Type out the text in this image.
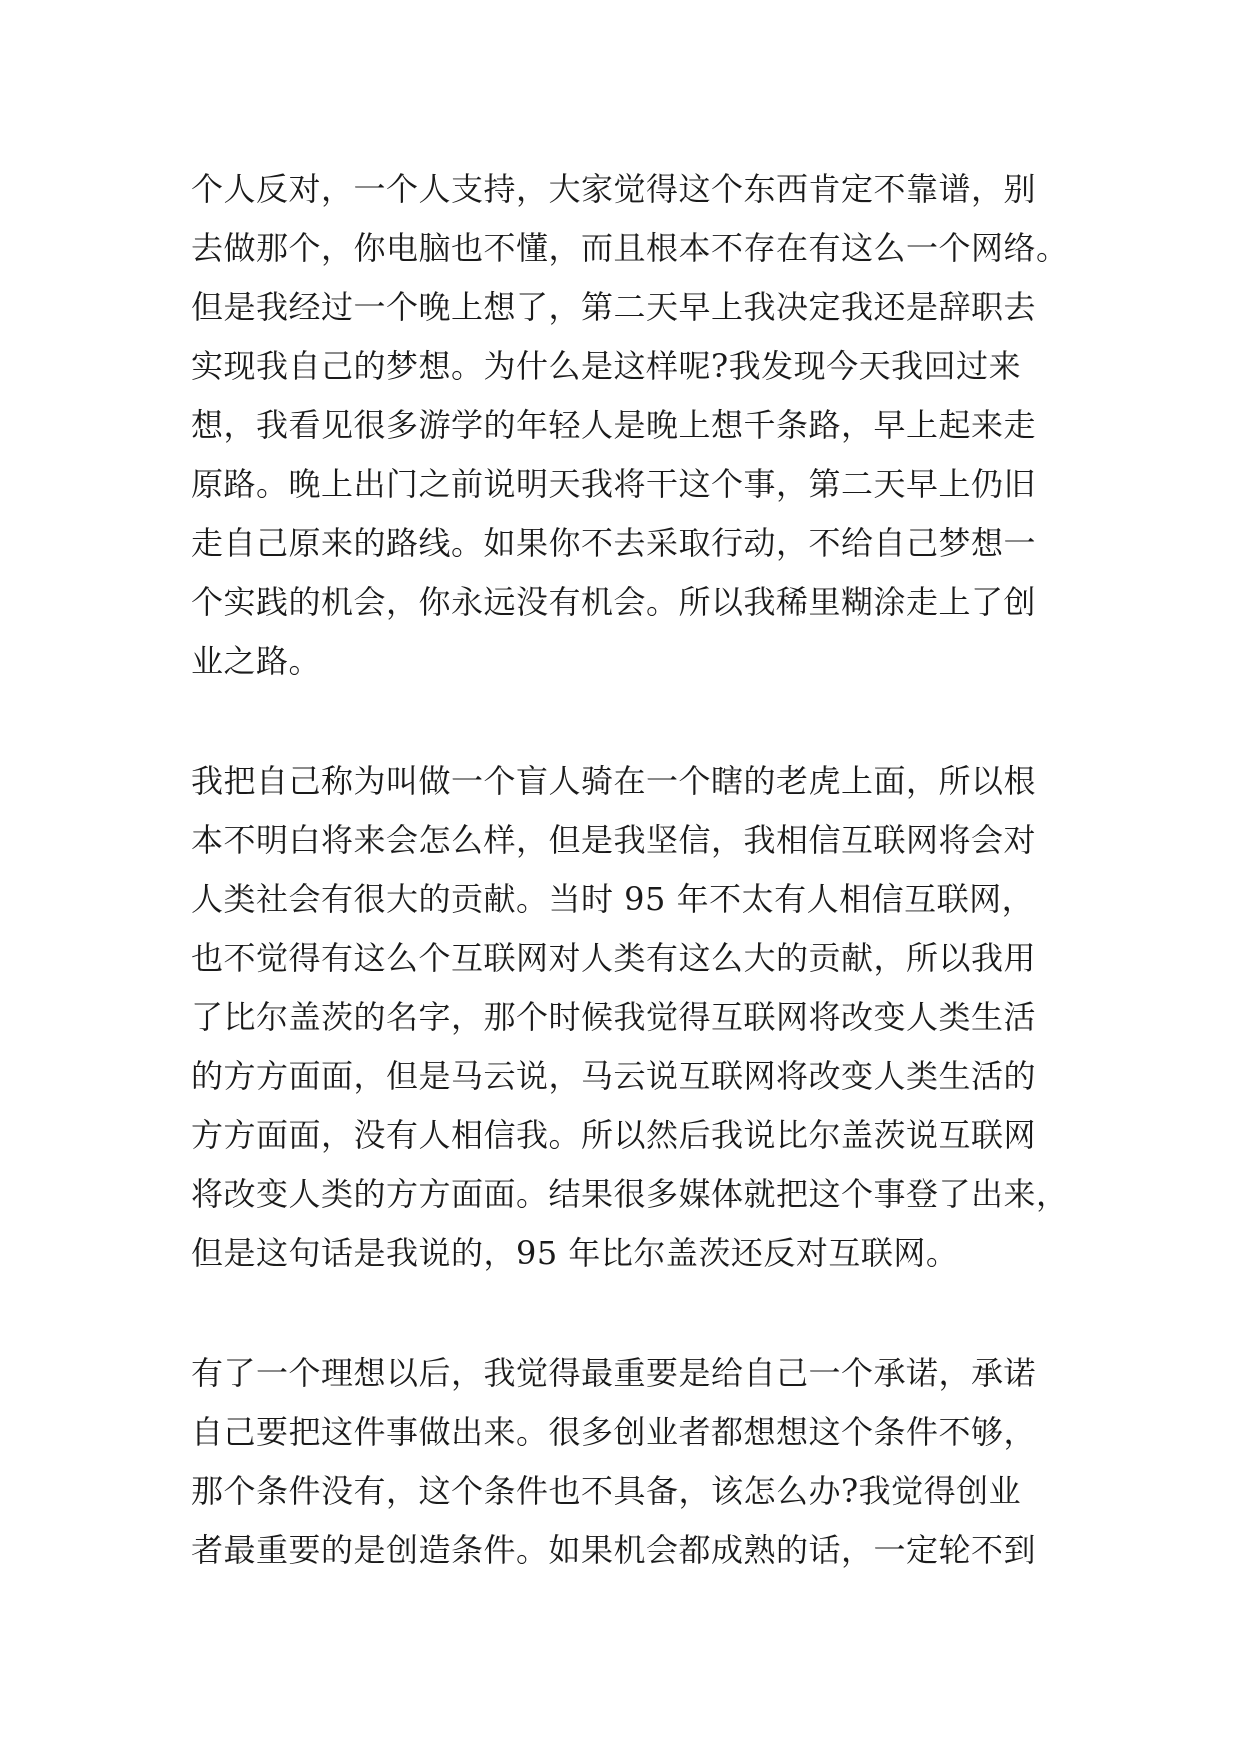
个人反对，一个人支持，大家觉得这个东西肯定不靠谱，别
去做那个，你电脑也不懂，而且根本不存在有这么一个网络。
但是我经过一个晚上想了，第二天早上我决定我还是辞职去
实现我自己的梦想。为什么是这样呢?我发现今天我回过来
想，我看见很多游学的年轻人是晚上想千条路，早上起来走
原路。晚上出门之前说明天我将干这个事，第二天早上仍旧
走自己原来的路线。如果你不去采取行动，不给自己梦想一
个实践的机会，你永远没有机会。所以我稀里糊涂走上了创
业之路。
我把自己称为叫做一个盲人骑在一个瞎的老虎上面，所以根
本不明白将来会怎么样，但是我坚信，我相信互联网将会对
人类社会有很大的贡献。当时 95 年不太有人相信互联网，
也不觉得有这么个互联网对人类有这么大的贡献，所以我用
了比尔盖茨的名字，那个时候我觉得互联网将改变人类生活
的方方面面，但是马云说，马云说互联网将改变人类生活的
方方面面，没有人相信我。所以然后我说比尔盖茨说互联网
将改变人类的方方面面。结果很多媒体就把这个事登了出来，
但是这句话是我说的，95 年比尔盖茨还反对互联网。
有了一个理想以后，我觉得最重要是给自己一个承诺，承诺
自己要把这件事做出来。很多创业者都想想这个条件不够，
那个条件没有，这个条件也不具备，该怎么办?我觉得创业
者最重要的是创造条件。如果机会都成熟的话，一定轮不到
